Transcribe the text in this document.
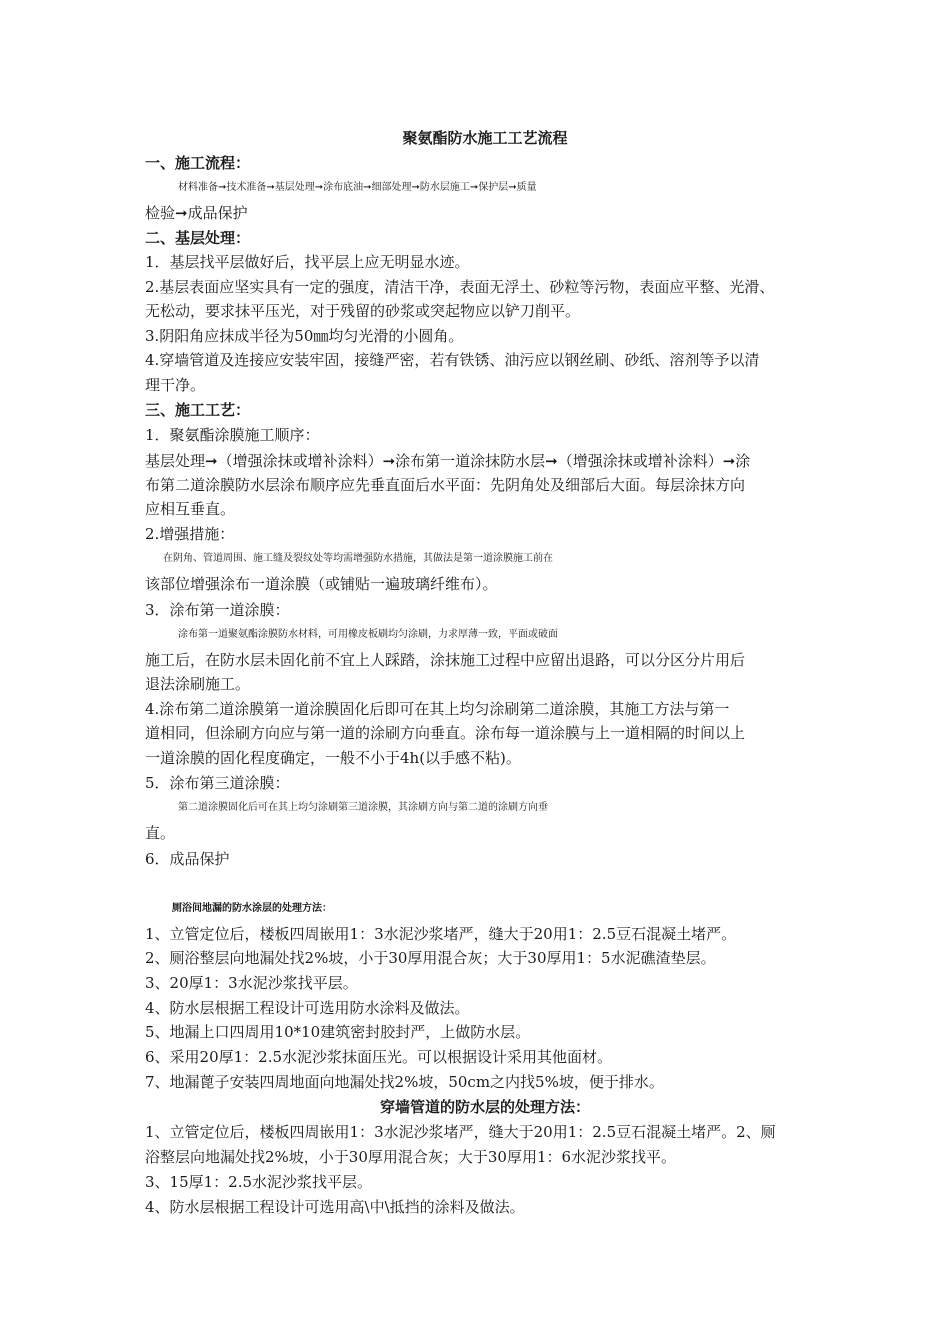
聚氨酯防水施工工艺流程
一、施工流程：
材料准备➞技术准备➞基层处理➞涂布底油➞细部处理➞防水层施工➞保护层➞质量
检验➞成品保护
二、基层处理：
1．基层找平层做好后，找平层上应无明显水迹。
2.基层表面应坚实具有一定的强度，清洁干净，表面无浮土、砂粒等污物，表面应平整、光滑、
无松动，要求抹平压光，对于残留的砂浆或突起物应以铲刀削平。
3.阴阳角应抹成半径为50㎜均匀光滑的小圆角。
4.穿墙管道及连接应安装牢固，接缝严密，若有铁锈、油污应以钢丝刷、砂纸、溶剂等予以清
理干净。
三、施工工艺：
1．聚氨酯涂膜施工顺序：
基层处理➞（增强涂抹或增补涂料）➞涂布第一道涂抹防水层➞（增强涂抹或增补涂料）➞涂
布第二道涂膜防水层涂布顺序应先垂直面后水平面：先阴角处及细部后大面。每层涂抹方向
应相互垂直。
2.增强措施：
在阴角、管道周围、施工缝及裂纹处等均需增强防水措施，其做法是第一道涂膜施工前在
该部位增强涂布一道涂膜（或铺贴一遍玻璃纤维布）。
3．涂布第一道涂膜：
涂布第一道聚氨酯涂膜防水材料，可用橡皮板刷均匀涂刷，力求厚薄一致，平面或破面
施工后，在防水层未固化前不宜上人踩踏，涂抹施工过程中应留出退路，可以分区分片用后
退法涂刷施工。
4.涂布第二道涂膜第一道涂膜固化后即可在其上均匀涂刷第二道涂膜，其施工方法与第一
道相同，但涂刷方向应与第一道的涂刷方向垂直。涂布每一道涂膜与上一道相隔的时间以上
一道涂膜的固化程度确定，一般不小于4h(以手感不粘)。
5．涂布第三道涂膜：
第二道涂膜固化后可在其上均匀涂刷第三道涂膜，其涂刷方向与第二道的涂刷方向垂
直。
6．成品保护
厕浴间地漏的防水涂层的处理方法：
1、立管定位后，楼板四周嵌用1：3水泥沙浆堵严，缝大于20用1：2.5豆石混凝土堵严。
2、厕浴整层向地漏处找2%坡，小于30厚用混合灰；大于30厚用1：5水泥礁渣垫层。
3、20厚1：3水泥沙浆找平层。
4、防水层根据工程设计可选用防水涂料及做法。
5、地漏上口四周用10*10建筑密封胶封严，上做防水层。
6、采用20厚1：2.5水泥沙浆抹面压光。可以根据设计采用其他面材。
7、地漏蓖子安装四周地面向地漏处找2%坡，50cm之内找5%坡，便于排水。
穿墙管道的防水层的处理方法：
1、立管定位后，楼板四周嵌用1：3水泥沙浆堵严，缝大于20用1：2.5豆石混凝土堵严。2、厕
浴整层向地漏处找2%坡，小于30厚用混合灰；大于30厚用1：6水泥沙浆找平。
3、15厚1：2.5水泥沙浆找平层。
4、防水层根据工程设计可选用高\中\抵挡的涂料及做法。
